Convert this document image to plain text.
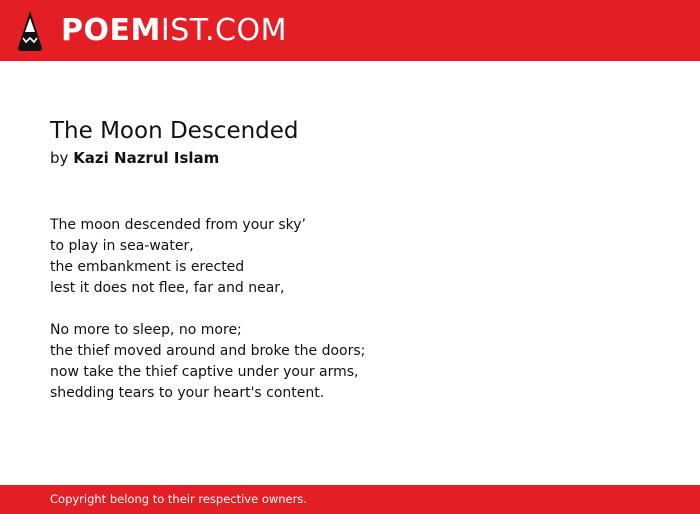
POEMIST.COM
The Moon Descended
by Kazi Nazrul Islam
The moon descended from your sky’
to play in sea-water,
the embankment is erected
lest it does not flee, far and near,
No more to sleep, no more;
the thief moved around and broke the doors;
now take the thief captive under your arms,
shedding tears to your heart's content.
Copyright belong to their respective owners.
